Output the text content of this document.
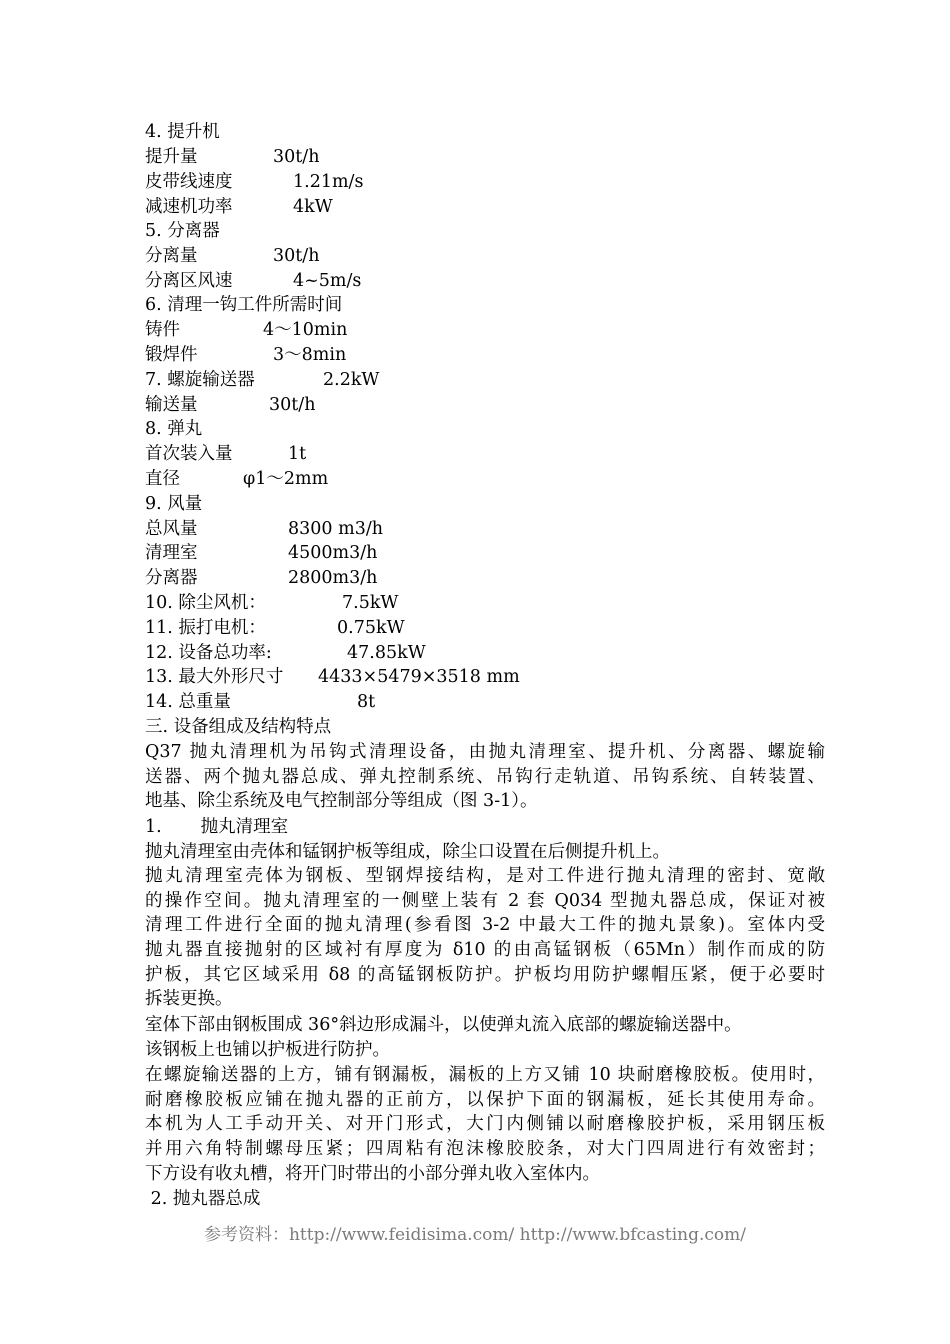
4. 提升机
提升量	30t/h
皮带线速度	1.21m/s
减速机功率	4kW
5. 分离器
分离量	30t/h
分离区风速	4~5m/s
6. 清理一钩工件所需时间
铸件	4～10min
锻焊件	3～8min
7. 螺旋输送器	2.2kW
输送量	30t/h
8. 弹丸
首次装入量	1t
直径	φ1～2mm
9. 风量
总风量	8300 m3/h
清理室	4500m3/h
分离器	2800m3/h
10. 除尘风机：	7.5kW
11. 振打电机：	0.75kW
12. 设备总功率:	47.85kW
13. 最大外形尺寸 4433×5479×3518 mm
14. 总重量	8t
三. 设备组成及结构特点
Q37 抛丸清理机为吊钩式清理设备，由抛丸清理室、提升机、分离器、螺旋输
送器、两个抛丸器总成、弹丸控制系统、吊钩行走轨道、吊钩系统、自转装置、
地基、除尘系统及电气控制部分等组成（图 3-1）。
1.       抛丸清理室
抛丸清理室由壳体和锰钢护板等组成，除尘口设置在后侧提升机上。
抛丸清理室壳体为钢板、型钢焊接结构，是对工件进行抛丸清理的密封、宽敞
的操作空间。抛丸清理室的一侧壁上装有 2 套 Q034 型抛丸器总成，保证对被
清理工件进行全面的抛丸清理(参看图 3-2 中最大工件的抛丸景象)。室体内受
抛丸器直接抛射的区域衬有厚度为 δ10 的由高锰钢板（65Mn）制作而成的防
护板，其它区域采用 δ8 的高锰钢板防护。护板均用防护螺帽压紧，便于必要时
拆装更换。
室体下部由钢板围成 36°斜边形成漏斗，以使弹丸流入底部的螺旋输送器中。
该钢板上也铺以护板进行防护。
在螺旋输送器的上方，铺有钢漏板，漏板的上方又铺 10 块耐磨橡胶板。使用时，
耐磨橡胶板应铺在抛丸器的正前方，以保护下面的钢漏板，延长其使用寿命。
本机为人工手动开关、对开门形式，大门内侧铺以耐磨橡胶护板，采用钢压板
并用六角特制螺母压紧；四周粘有泡沫橡胶胶条，对大门四周进行有效密封；
下方设有收丸槽，将开门时带出的小部分弹丸收入室体内。
2. 抛丸器总成
参考资料：http://www.feidisima.com/ http://www.bfcasting.com/
